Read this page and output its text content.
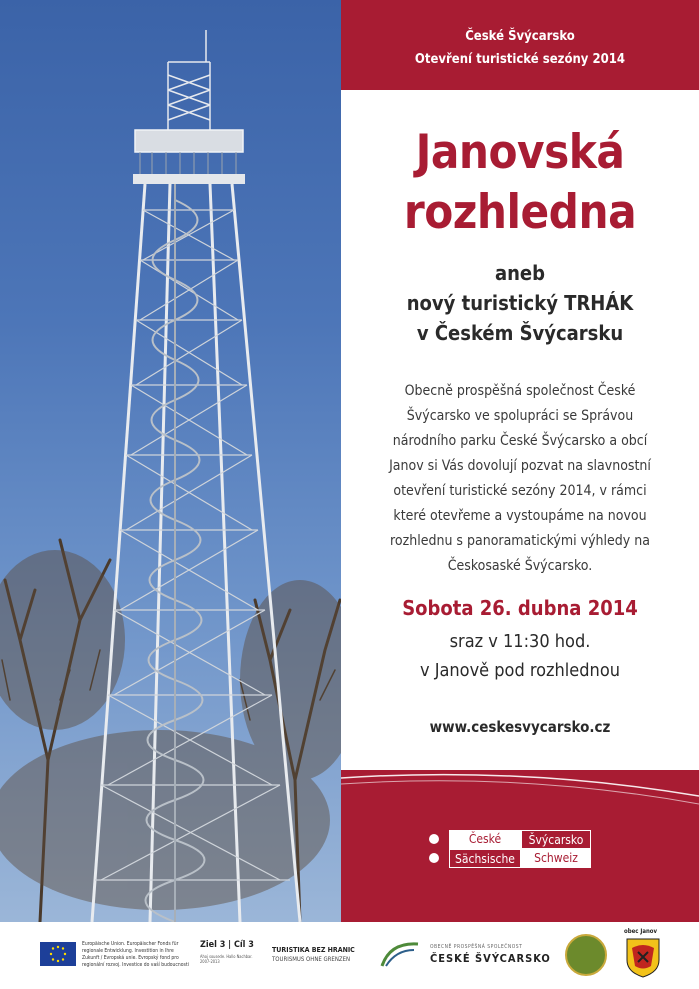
České Švýcarsko
Otevření turistické sezóny 2014
Janovská
rozhledna
aneb
nový turistický TRHÁK
v Českém Švýcarsku
Obecně prospěšná společnost České
Švýcarsko ve spolupráci se Správou
národního parku České Švýcarsko a obcí
Janov si Vás dovolují pozvat na slavnostní
otevření turistické sezóny 2014, v rámci
které otevřeme a vystoupáme na novou
rozhlednu s panoramatickými výhledy na
Českosaské Švýcarsko.
Sobota 26. dubna 2014
sraz v 11:30 hod.
v Janově pod rozhlednou
www.ceskesvycarsko.cz
České	Švýcarsko
Sächsische	Schweiz
Europäische Union. Europäischer Fonds für regionale Entwicklung. Investition in Ihre Zukunft / Evropská unie. Evropský fond pro regionální rozvoj. Investice do vaší budoucnosti
Ziel 3 | Cíl 3
Ahoj sousede. Hallo Nachbar. 2007-2013
TURISTIKA BEZ HRANIC
TOURISMUS OHNE GRENZEN
OBECNĚ PROSPĚŠNÁ SPOLEČNOST
ČESKÉ ŠVÝCARSKO
obec Janov
